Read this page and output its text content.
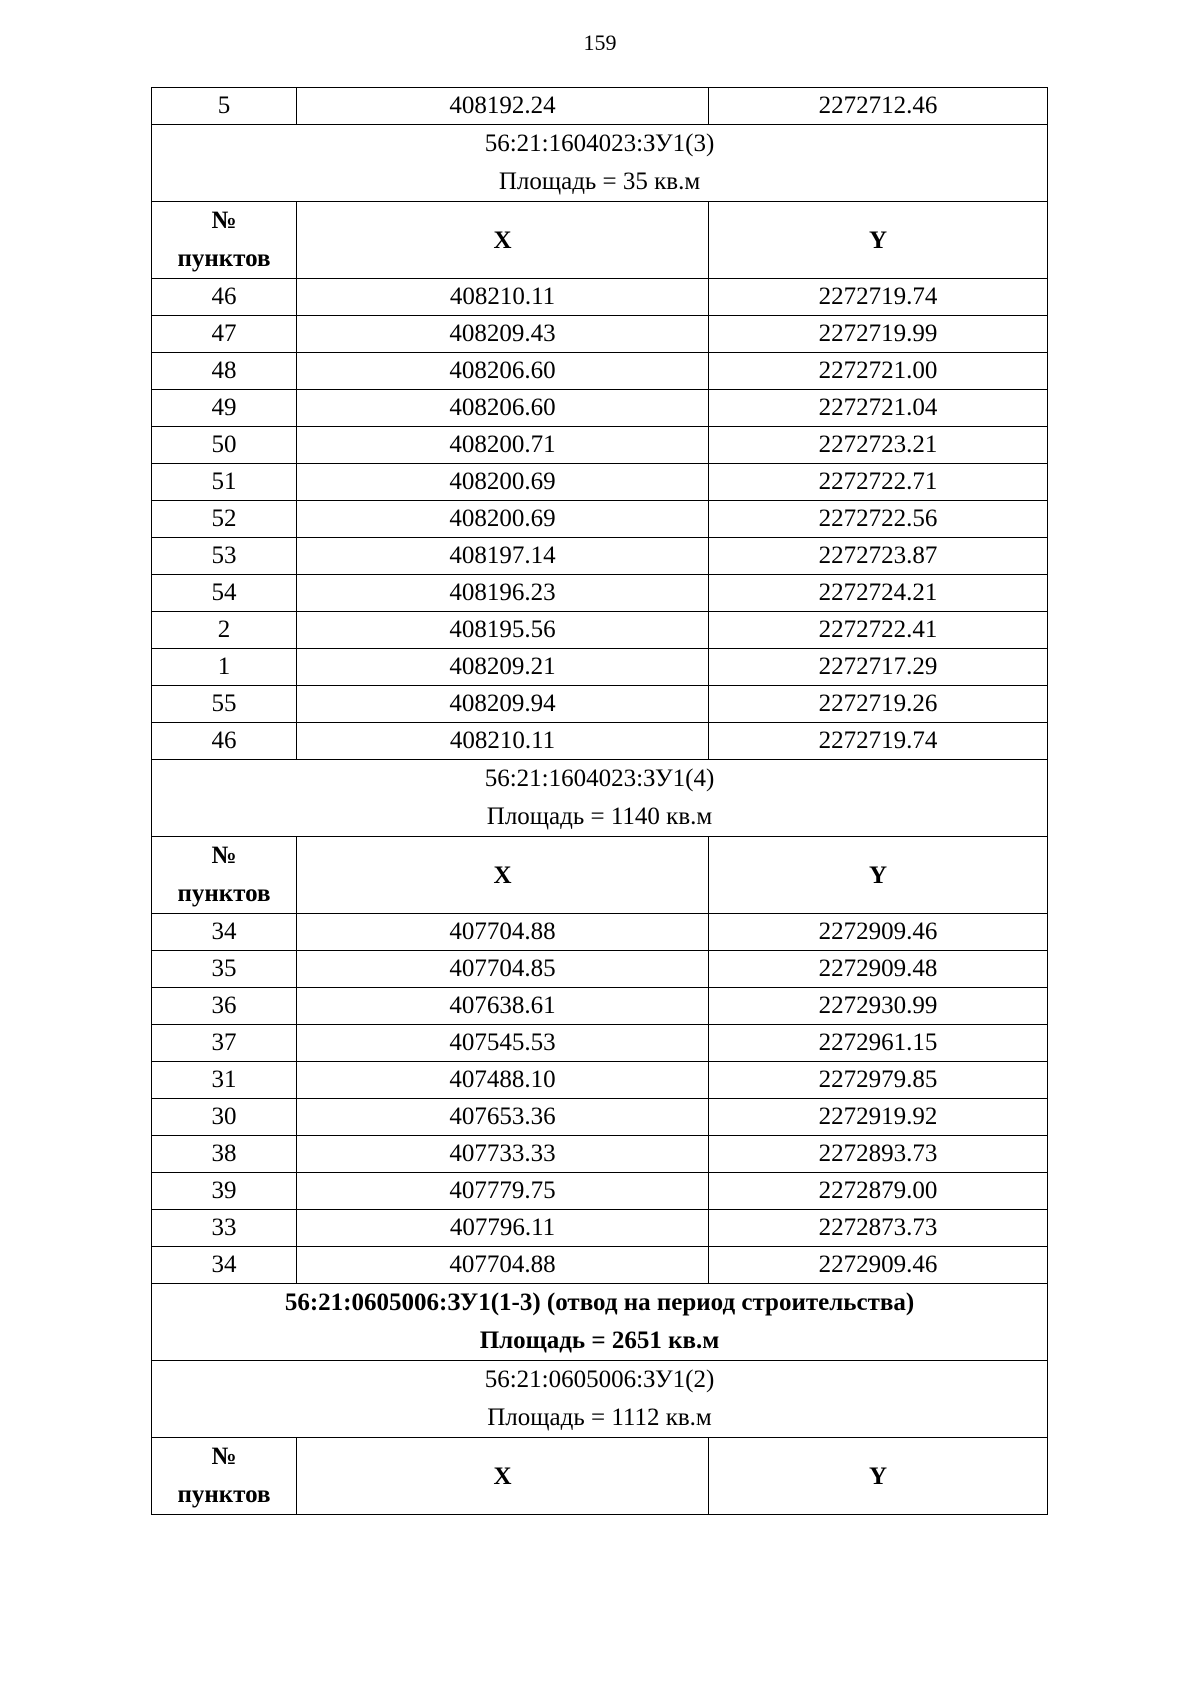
159
5	408192.24	2272712.46

56:21:1604023:ЗУ1(3)
Площадь = 35 кв.м		

№
пунктов	X	Y
46	408210.11	2272719.74
47	408209.43	2272719.99
48	408206.60	2272721.00
49	408206.60	2272721.04
50	408200.71	2272723.21
51	408200.69	2272722.71
52	408200.69	2272722.56
53	408197.14	2272723.87
54	408196.23	2272724.21
2	408195.56	2272722.41
1	408209.21	2272717.29
55	408209.94	2272719.26
46	408210.11	2272719.74

56:21:1604023:ЗУ1(4)
Площадь = 1140 кв.м		

№
пунктов	X	Y
34	407704.88	2272909.46
35	407704.85	2272909.48
36	407638.61	2272930.99
37	407545.53	2272961.15
31	407488.10	2272979.85
30	407653.36	2272919.92
38	407733.33	2272893.73
39	407779.75	2272879.00
33	407796.11	2272873.73
34	407704.88	2272909.46

56:21:0605006:ЗУ1(1-3) (отвод на период строительства)
Площадь = 2651 кв.м		

56:21:0605006:ЗУ1(2)
Площадь = 1112 кв.м		

№
пунктов	X	Y
